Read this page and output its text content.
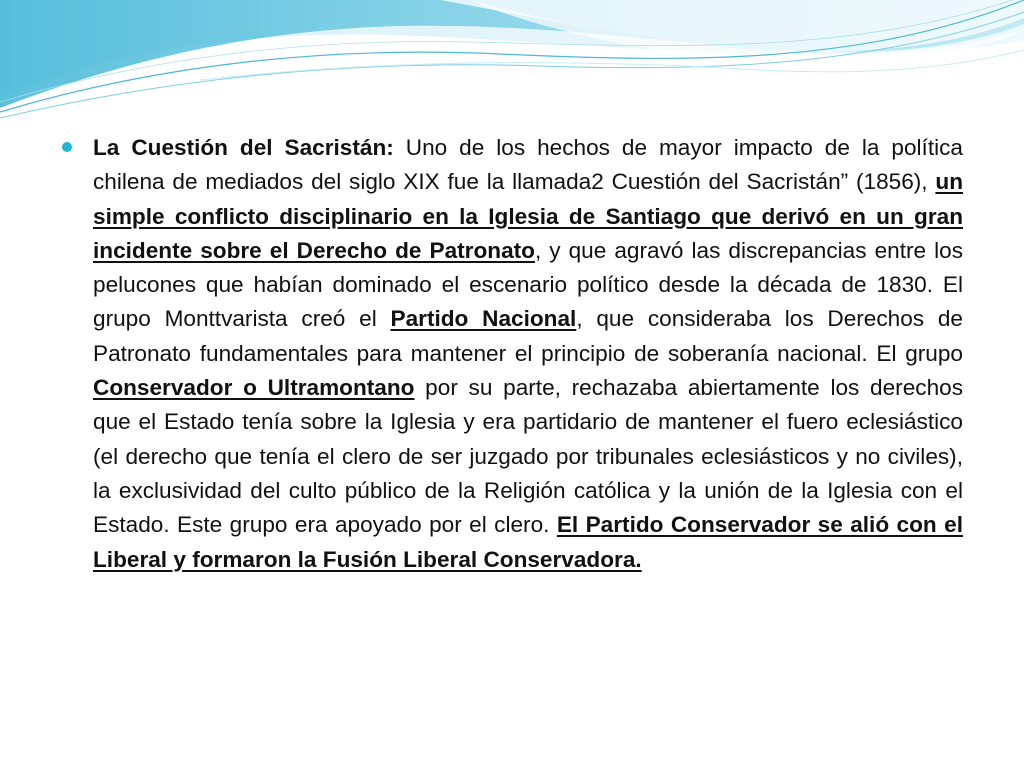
La Cuestión del Sacristán: Uno de los hechos de mayor impacto de la política chilena de mediados del siglo XIX fue la llamada2 Cuestión del Sacristán” (1856), un simple conflicto disciplinario en la Iglesia de Santiago que derivó en un gran incidente sobre el Derecho de Patronato, y que agravó las discrepancias entre los pelucones que habían dominado el escenario político desde la década de 1830. El grupo Monttvarista creó el Partido Nacional, que consideraba los Derechos de Patronato fundamentales para mantener el principio de soberanía nacional. El grupo Conservador o Ultramontano por su parte, rechazaba abiertamente los derechos que el Estado tenía sobre la Iglesia y era partidario de mantener el fuero eclesiástico (el derecho que tenía el clero de ser juzgado por tribunales eclesiásticos y no civiles), la exclusividad del culto público de la Religión católica y la unión de la Iglesia con el Estado. Este grupo era apoyado por el clero. El Partido Conservador se alió con el Liberal y formaron la Fusión Liberal Conservadora.
